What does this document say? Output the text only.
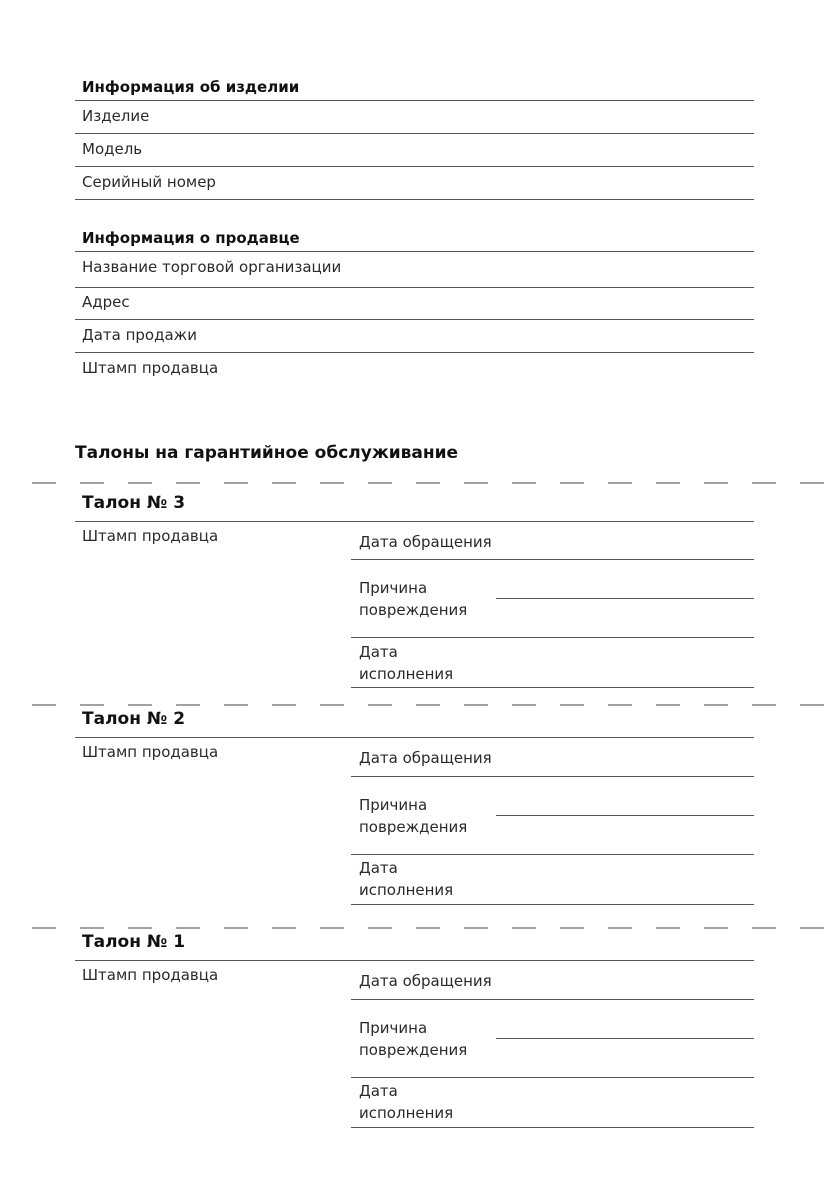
Информация об изделии
Изделие
Модель
Серийный номер
Информация о продавце
Название торговой организации
Адрес
Дата продажи
Штамп продавца
Талоны на гарантийное обслуживание
Талон № 3
Штамп продавца	Дата обращения
Причина
повреждения
Дата
исполнения
Талон № 2
Штамп продавца	Дата обращения
Причина
повреждения
Дата
исполнения
Талон № 1
Штамп продавца	Дата обращения
Причина
повреждения
Дата
исполнения
